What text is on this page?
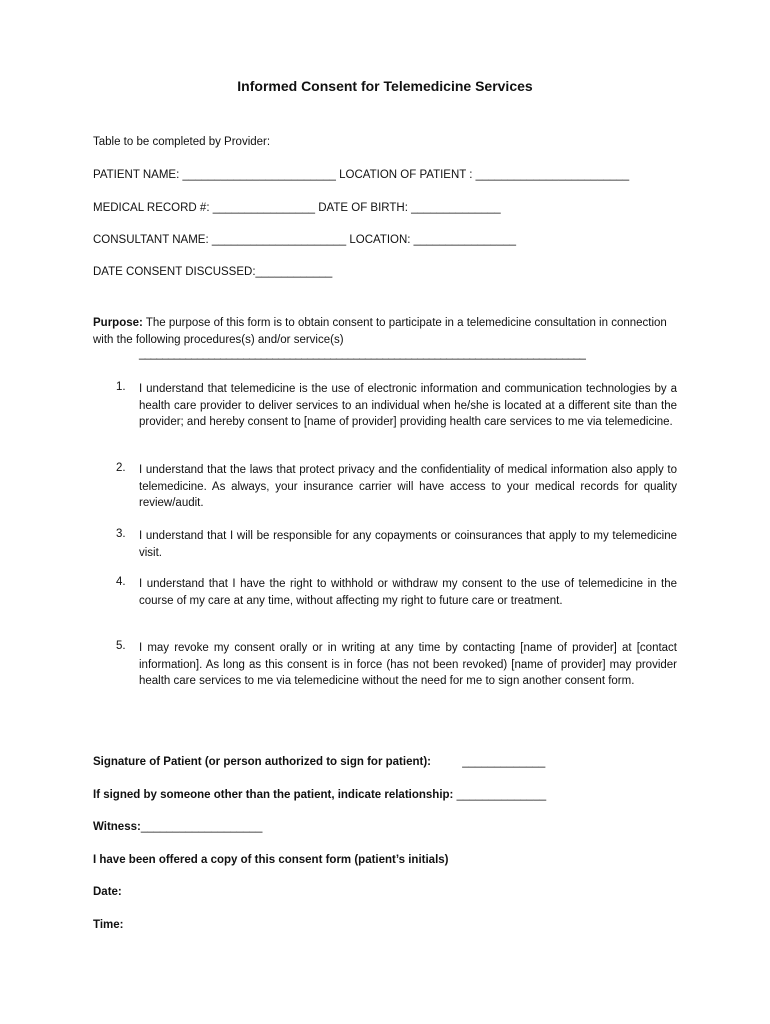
Informed Consent for Telemedicine Services
Table to be completed by Provider:
PATIENT NAME: ________________________ LOCATION OF PATIENT : ________________________
MEDICAL RECORD #: ________________ DATE OF BIRTH: ______________
CONSULTANT NAME: _____________________ LOCATION: ________________
DATE CONSENT DISCUSSED:____________
Purpose: The purpose of this form is to obtain consent to participate in a telemedicine consultation in connection with the following procedures(s) and/or service(s)
_____________________________________________________________________________
1. I understand that telemedicine is the use of electronic information and communication technologies by a health care provider to deliver services to an individual when he/she is located at a different site than the provider; and hereby consent to [name of provider] providing health care services to me via telemedicine.
2. I understand that the laws that protect privacy and the confidentiality of medical information also apply to telemedicine. As always, your insurance carrier will have access to your medical records for quality review/audit.
3. I understand that I will be responsible for any copayments or coinsurances that apply to my telemedicine visit.
4. I understand that I have the right to withhold or withdraw my consent to the use of telemedicine in the course of my care at any time, without affecting my right to future care or treatment.
5. I may revoke my consent orally or in writing at any time by contacting [name of provider] at [contact information]. As long as this consent is in force (has not been revoked) [name of provider] may provider health care services to me via telemedicine without the need for me to sign another consent form.
Signature of Patient (or person authorized to sign for patient):	_____________
If signed by someone other than the patient, indicate relationship: ______________
Witness:___________________
I have been offered a copy of this consent form (patient’s initials)
Date:
Time:
